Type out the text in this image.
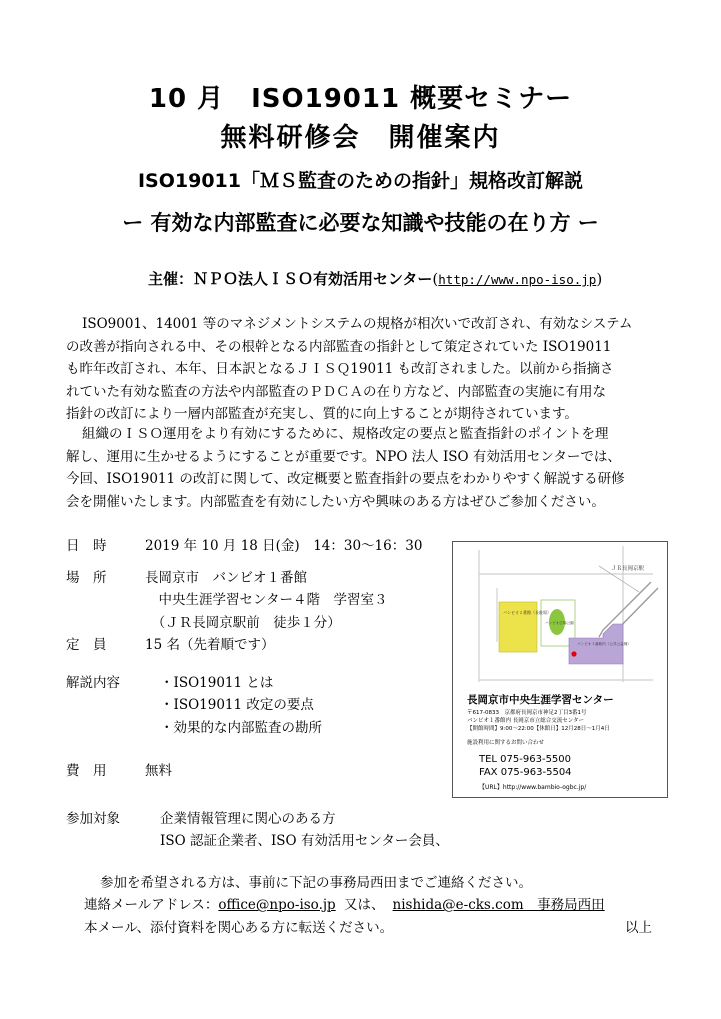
10 月　ISO19011 概要セミナー
無料研修会　開催案内
ISO19011「ＭＳ監査のための指針」規格改訂解説
ー 有効な内部監査に必要な知識や技能の在り方 ー
主催：ＮＰＯ法人ＩＳＯ有効活用センター(http://www.npo-iso.jp)
ISO9001、14001 等のマネジメントシステムの規格が相次いで改訂され、有効なシステム
の改善が指向される中、その根幹となる内部監査の指針として策定されていた ISO19011
も昨年改訂され、本年、日本訳となるＪＩＳＱ19011 も改訂されました。以前から指摘さ
れていた有効な監査の方法や内部監査のＰＤＣＡの在り方など、内部監査の実施に有用な
指針の改訂により一層内部監査が充実し、質的に向上することが期待されています。
組織のＩＳＯ運用をより有効にするために、規格改定の要点と監査指針のポイントを理
解し、運用に生かせるようにすることが重要です。NPO 法人 ISO 有効活用センターでは、
今回、ISO19011 の改訂に関して、改定概要と監査指針の要点をわかりやすく解説する研修
会を開催いたします。内部監査を有効にしたい方や興味のある方はぜひご参加ください。
日　時	2019 年 10 月 18 日(金)　14：30～16：30
場　所	長岡京市　バンビオ１番館
　中央生涯学習センター４階　学習室３
　（ＪＲ長岡京駅前　徒歩１分）
定　員	15 名（先着順です）
解説内容	・ISO19011 とは
・ISO19011 改定の要点
・効果的な内部監査の勘所
費　用	無料
参加対象	企業情報管理に関心のある方
ISO 認証企業者、ISO 有効活用センター会員、
参加を希望される方は、事前に下記の事務局西田までご連絡ください。
連絡メールアドレス：office@npo-iso.jp 又は、 nishida@e-cks.com　事務局西田
本メール、添付資料を関心ある方に転送ください。	以上
ＪＲ長岡京駅
バンビオ２番館（長駐場）
バンビオ広場公園
バンビオ１番館内（公共公益棟）
長岡京市中央生涯学習センター
〒617-0833　京都府長岡京市神足2丁目3番1号
バンビオ１番館内 長岡京市立総合交流センター
【開館時間】9:00～22:00【休館日】12月28日～1月4日
施設利用に関するお問い合わせ
TEL 075-963-5500
FAX 075-963-5504
【URL】http://www.bambio-ogbc.jp/
